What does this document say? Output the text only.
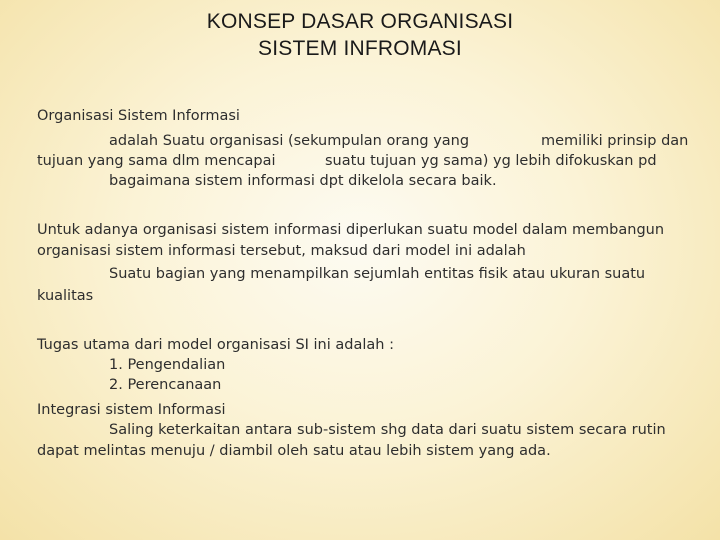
KONSEP DASAR ORGANISASI
SISTEM INFROMASI
Organisasi Sistem Informasi
adalah Suatu organisasi (sekumpulan orang yang	memiliki prinsip dan
tujuan yang sama dlm mencapai	suatu tujuan yg sama) yg lebih difokuskan pd
bagaimana sistem informasi dpt dikelola secara baik.
Untuk adanya organisasi sistem informasi diperlukan suatu model dalam membangun
organisasi sistem informasi tersebut, maksud dari model ini adalah
Suatu bagian yang menampilkan sejumlah entitas fisik atau ukuran suatu
kualitas
Tugas utama dari model organisasi SI ini adalah :
1. Pengendalian
2. Perencanaan
Integrasi sistem Informasi
Saling keterkaitan antara sub-sistem shg data dari suatu sistem secara rutin
dapat melintas menuju / diambil oleh satu atau lebih sistem yang ada.
